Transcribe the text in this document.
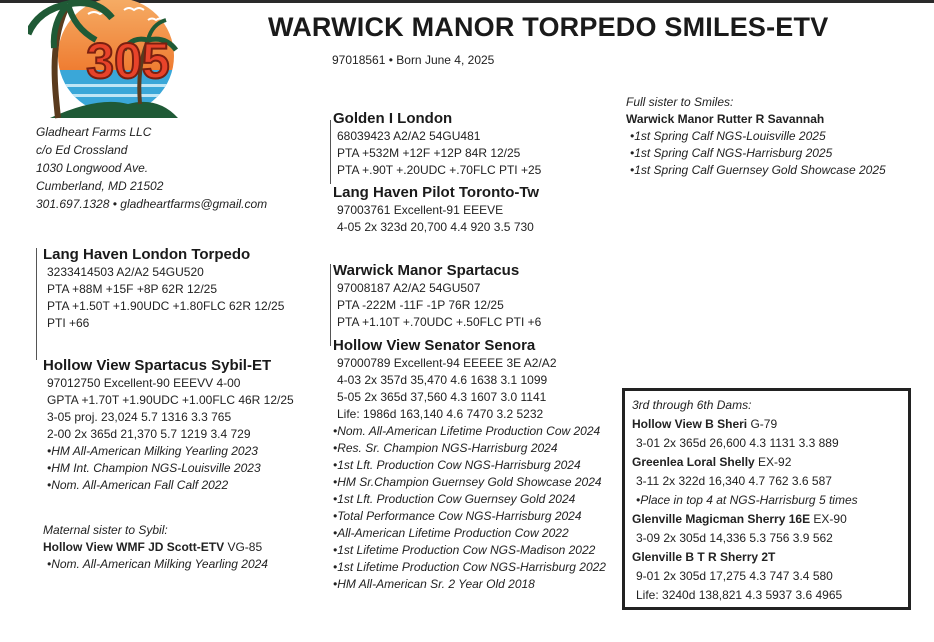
305
WARWICK MANOR TORPEDO SMILES-ETV
97018561 • Born June 4, 2025
Gladheart Farms LLC
c/o Ed Crossland
1030 Longwood Ave.
Cumberland, MD 21502
301.697.1328 • gladheartfarms@gmail.com
Lang Haven London Torpedo
3233414503 A2/A2 54GU520
PTA +88M +15F +8P 62R 12/25
PTA +1.50T +1.90UDC +1.80FLC 62R 12/25
PTI +66
Hollow View Spartacus Sybil-ET
97012750 Excellent-90 EEEVV 4-00
GPTA +1.70T +1.90UDC +1.00FLC 46R 12/25
3-05 proj. 23,024 5.7 1316 3.3 765
2-00 2x 365d 21,370 5.7 1219 3.4 729
•HM All-American Milking Yearling 2023
•HM Int. Champion NGS-Louisville 2023
•Nom. All-American Fall Calf 2022
Maternal sister to Sybil:
Hollow View WMF JD Scott-ETV VG-85
•Nom. All-American Milking Yearling 2024
Golden I London
68039423 A2/A2 54GU481
PTA +532M +12F +12P 84R 12/25
PTA +.90T +.20UDC +.70FLC PTI +25
Lang Haven Pilot Toronto-Tw
97003761 Excellent-91 EEEVE
4-05 2x 323d 20,700 4.4 920 3.5 730
Warwick Manor Spartacus
97008187 A2/A2 54GU507
PTA -222M -11F -1P 76R 12/25
PTA +1.10T +.70UDC +.50FLC PTI +6
Hollow View Senator Senora
97000789 Excellent-94 EEEEE 3E A2/A2
4-03 2x 357d 35,470 4.6 1638 3.1 1099
5-05 2x 365d 37,560 4.3 1607 3.0 1141
Life: 1986d 163,140 4.6 7470 3.2 5232
•Nom. All-American Lifetime Production Cow 2024
•Res. Sr. Champion NGS-Harrisburg 2024
•1st Lft. Production Cow NGS-Harrisburg 2024
•HM Sr.Champion Guernsey Gold Showcase 2024
•1st Lft. Production Cow Guernsey Gold 2024
•Total Performance Cow NGS-Harrisburg 2024
•All-American Lifetime Production Cow 2022
•1st Lifetime Production Cow NGS-Madison 2022
•1st Lifetime Production Cow NGS-Harrisburg 2022
•HM All-American Sr. 2 Year Old 2018
Full sister to Smiles:
Warwick Manor Rutter R Savannah
•1st Spring Calf NGS-Louisville 2025
•1st Spring Calf NGS-Harrisburg 2025
•1st Spring Calf Guernsey Gold Showcase 2025
3rd through 6th Dams:
Hollow View B Sheri G-79
3-01 2x 365d 26,600 4.3 1131 3.3 889
Greenlea Loral Shelly EX-92
3-11 2x 322d 16,340 4.7 762 3.6 587
•Place in top 4 at NGS-Harrisburg 5 times
Glenville Magicman Sherry 16E EX-90
3-09 2x 305d 14,336 5.3 756 3.9 562
Glenville B T R Sherry 2T
9-01 2x 305d 17,275 4.3 747 3.4 580
Life: 3240d 138,821 4.3 5937 3.6 4965
